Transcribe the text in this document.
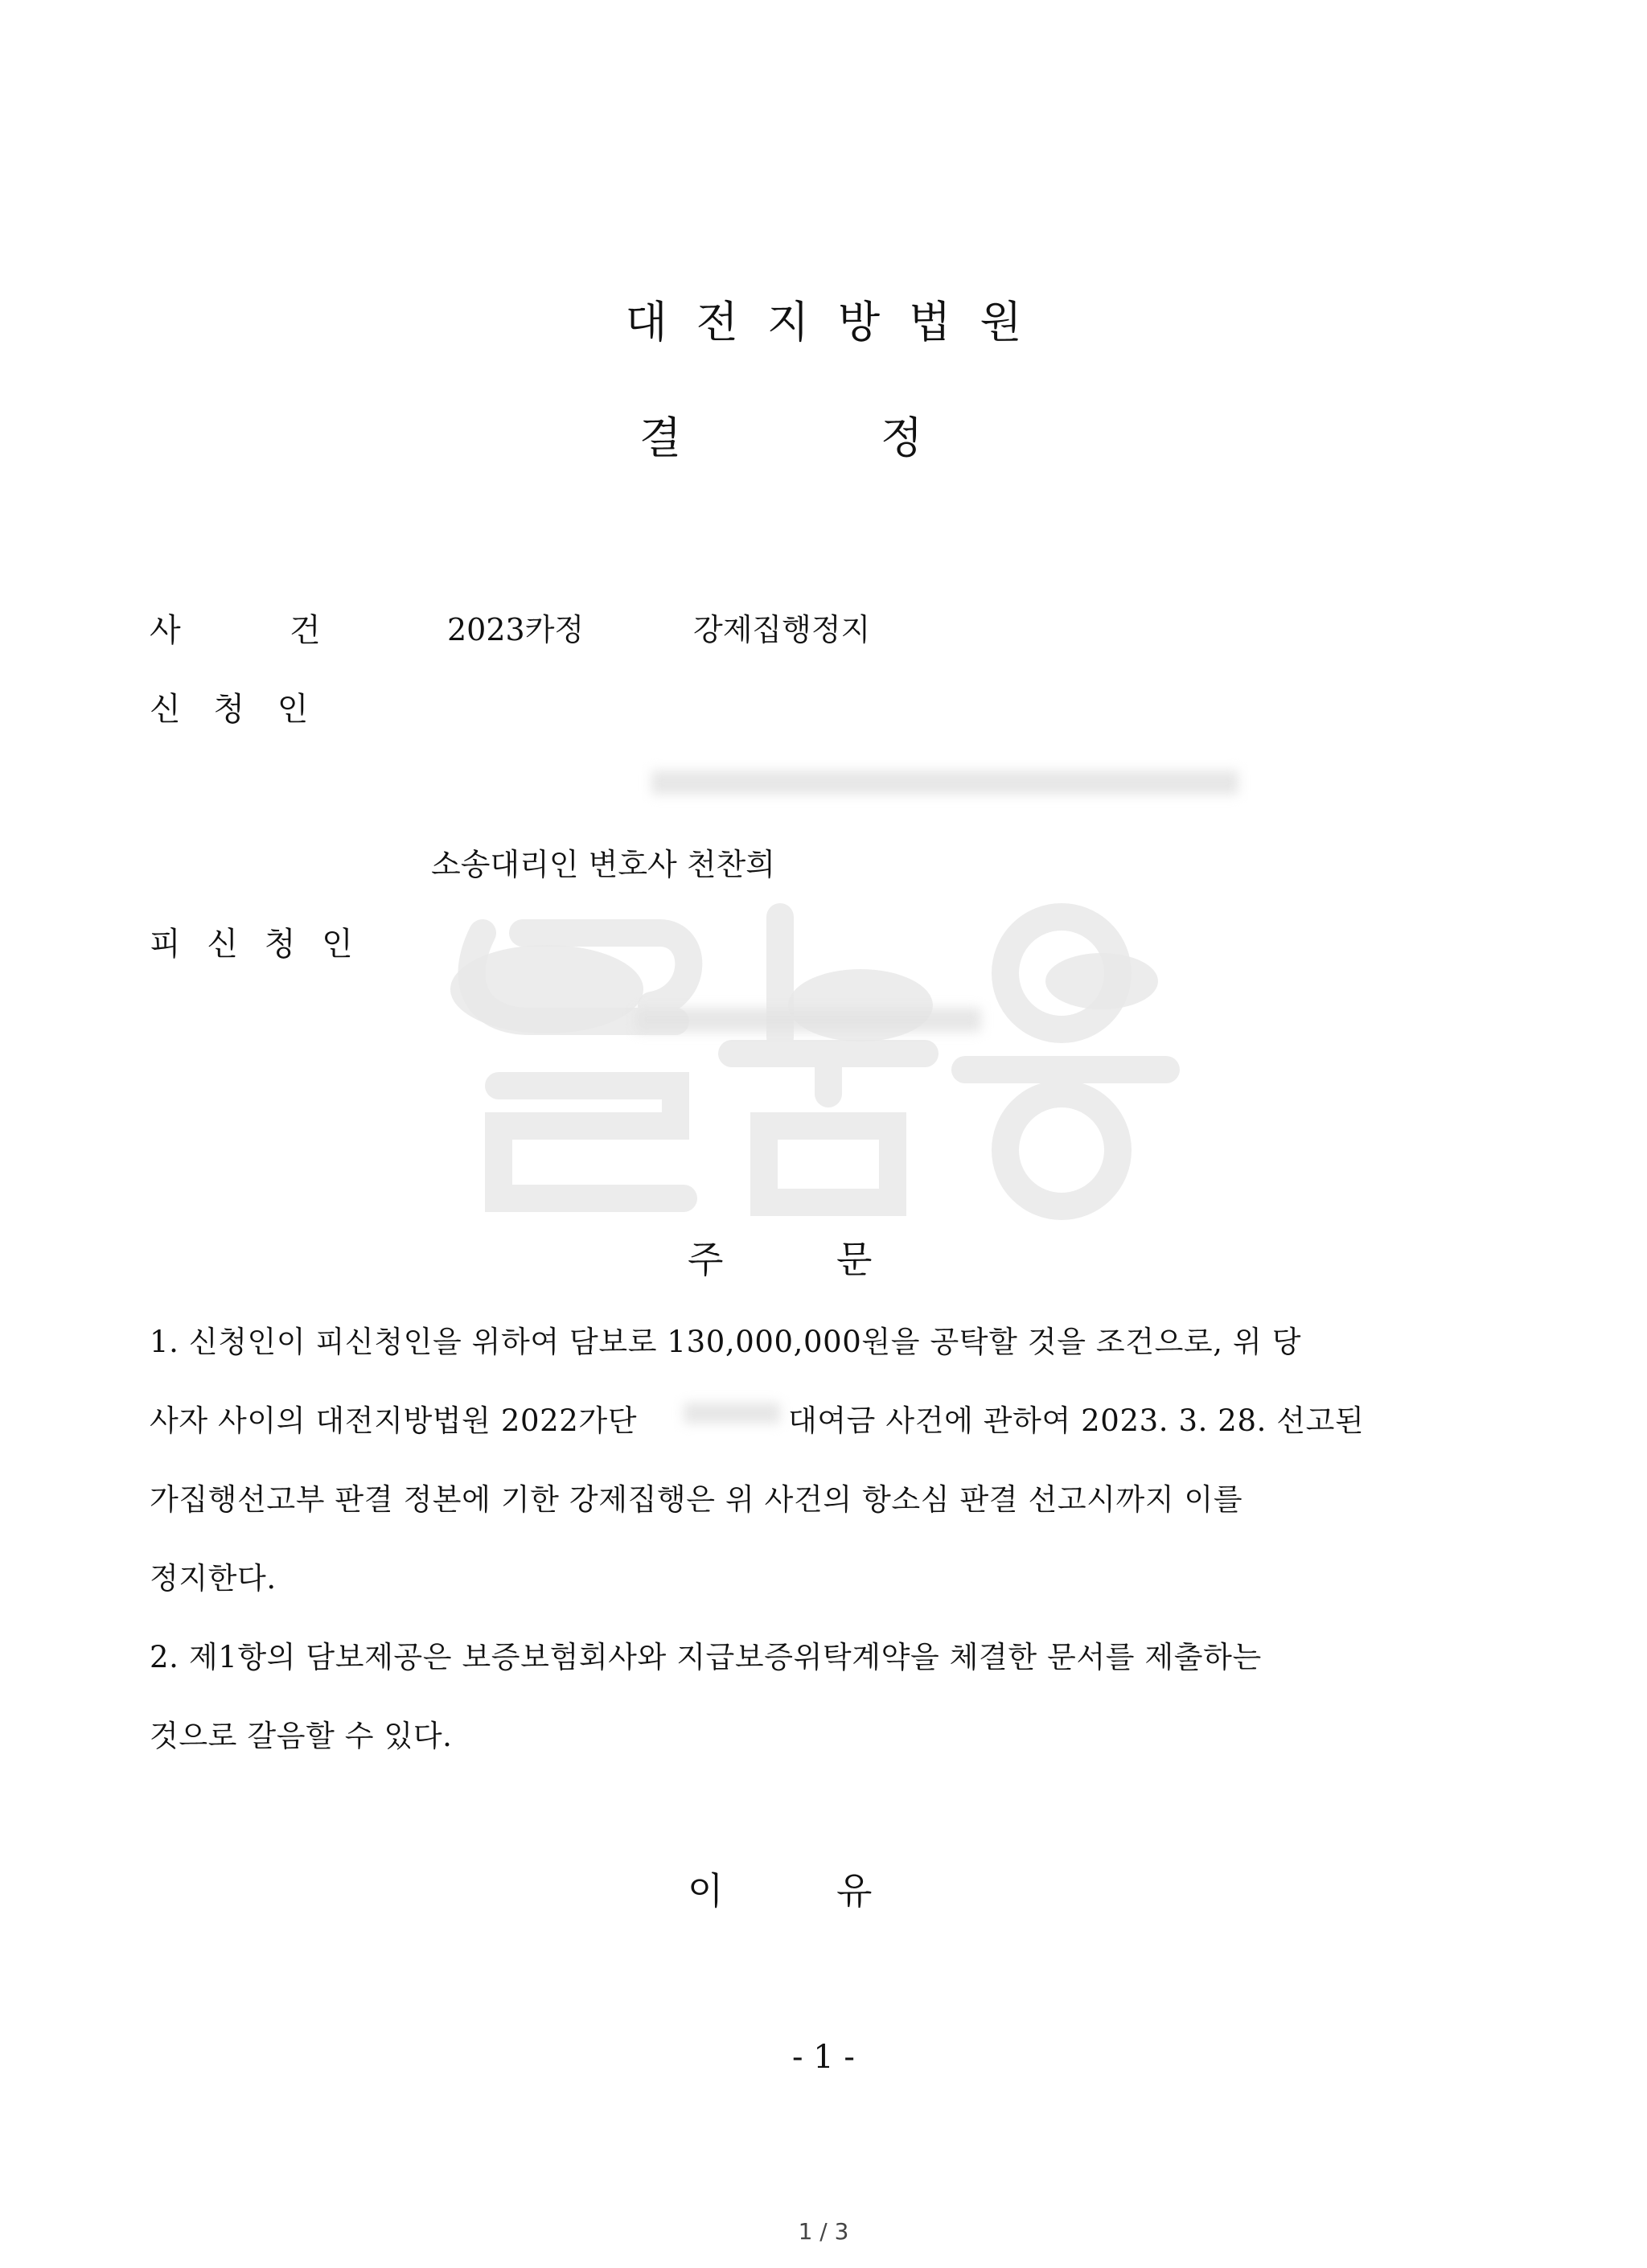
대전지방법원
결	정
사	건	2023카정	강제집행정지
신 청 인
소송대리인 변호사 천찬희
피 신 청 인
주	문
1. 신청인이 피신청인을 위하여 담보로 130,000,000원을 공탁할 것을 조건으로, 위 당
사자 사이의 대전지방법원 2022가단	대여금 사건에 관하여 2023. 3. 28. 선고된
가집행선고부 판결 정본에 기한 강제집행은 위 사건의 항소심 판결 선고시까지 이를
정지한다.
2. 제1항의 담보제공은 보증보험회사와 지급보증위탁계약을 체결한 문서를 제출하는
것으로 갈음할 수 있다.
이	유
- 1 -
1 / 3
